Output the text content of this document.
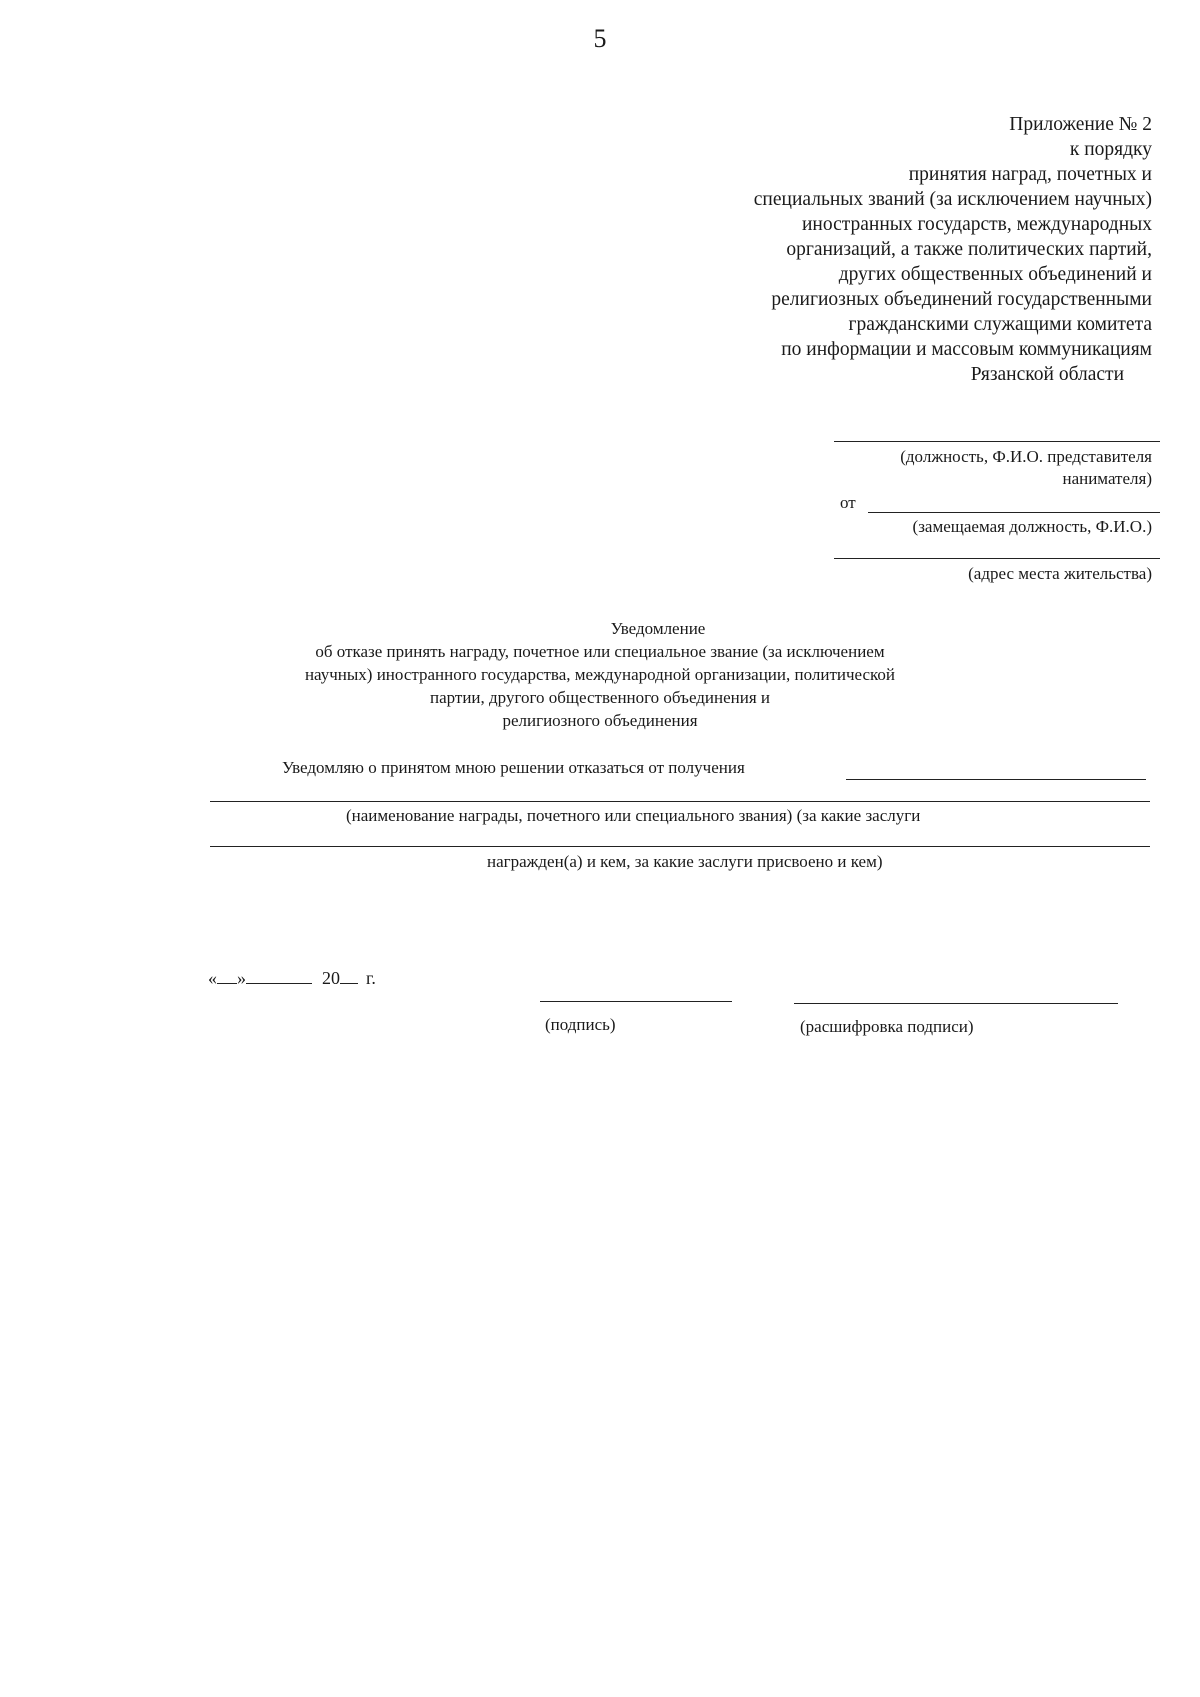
5
Приложение № 2
к порядку
принятия наград, почетных и
специальных званий (за исключением научных)
иностранных государств, международных
организаций, а также политических партий,
других общественных объединений и
религиозных объединений государственными
гражданскими служащими комитета
по информации и массовым коммуникациям
Рязанской области
(должность, Ф.И.О. представителя
нанимателя)
от
(замещаемая должность, Ф.И.О.)
(адрес места жительства)
Уведомление
об отказе принять награду, почетное или специальное звание (за исключением
научных) иностранного государства, международной организации, политической
партии, другого общественного объединения и
религиозного объединения
Уведомляю о принятом мною решении отказаться от получения
(наименование награды, почетного или специального звания) (за какие заслуги
награжден(а) и кем, за какие заслуги присвоено и кем)
« »	20 г.
(подпись)	(расшифровка подписи)
